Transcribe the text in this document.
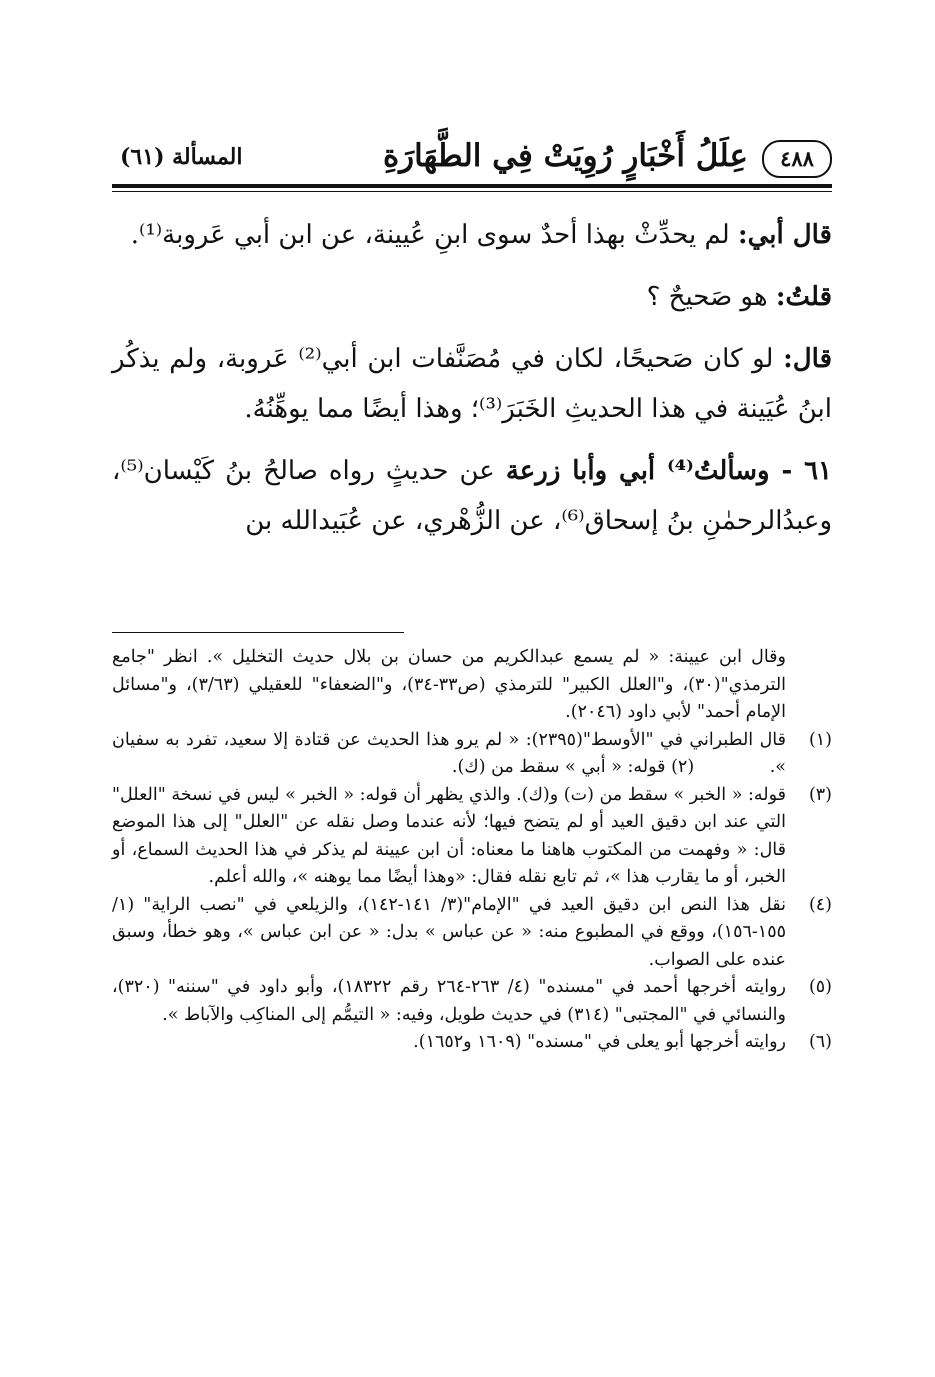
٤٨٨
عِلَلُ أَخْبَارٍ رُوِيَتْ فِي الطَّهَارَةِ
المسألة (٦١)

قال أبي: لم يحدِّثْ بهذا أحدٌ سوى ابنِ عُيينة، عن ابن أبي عَروبة⁽¹⁾.

قلتُ: هو صَحيحٌ ؟

قال: لو كان صَحيحًا، لكان في مُصَنَّفات ابن أبي⁽²⁾ عَروبة، ولم يذكُر ابنُ عُيَينة في هذا الحديثِ الخَبَرَ⁽³⁾؛ وهذا أيضًا مما يوهِّنُهُ.

٦١ - وسألتُ⁽⁴⁾ أبي وأبا زرعة عن حديثٍ رواه صالحُ بنُ كَيْسان⁽⁵⁾، وعبدُالرحمٰنِ بنُ إسحاق⁽⁶⁾، عن الزُّهْري، عن عُبَيدالله بن

وقال ابن عيينة: « لم يسمع عبدالكريم من حسان بن بلال حديث التخليل ». انظر "جامع الترمذي"(٣٠)، و"العلل الكبير" للترمذي (ص٣٣-٣٤)، و"الضعفاء" للعقيلي (٣/٦٣)، و"مسائل الإمام أحمد" لأبي داود (٢٠٤٦).
(١)
قال الطبراني في "الأوسط"(٢٣٩٥): « لم يرو هذا الحديث عن قتادة إلا سعيد، تفرد به سفيان ». (٢) قوله: « أبي » سقط من (ك).
(٣)
قوله: « الخبر » سقط من (ت) و(ك). والذي يظهر أن قوله: « الخبر » ليس في نسخة "العلل" التي عند ابن دقيق العيد أو لم يتضح فيها؛ لأنه عندما وصل نقله عن "العلل" إلى هذا الموضع قال: « وفهمت من المكتوب هاهنا ما معناه: أن ابن عيينة لم يذكر في هذا الحديث السماع، أو الخبر، أو ما يقارب هذا »، ثم تابع نقله فقال: «وهذا أيضًا مما يوهنه »، والله أعلم.
(٤)
نقل هذا النص ابن دقيق العيد في "الإمام"(٣/ ١٤١-١٤٢)، والزيلعي في "نصب الراية" (١/ ١٥٥-١٥٦)، ووقع في المطبوع منه: « عن عباس » بدل: « عن ابن عباس »، وهو خطأ، وسبق عنده على الصواب.
(٥)
روايته أخرجها أحمد في "مسنده" (٤/ ٢٦٣-٢٦٤ رقم ١٨٣٢٢)، وأبو داود في "سننه" (٣٢٠)، والنسائي في "المجتبى" (٣١٤) في حديث طويل، وفيه: « التيمُّم إلى المناكِب والآباط ».
(٦)
روايته أخرجها أبو يعلى في "مسنده" (١٦٠٩ و١٦٥٢).
